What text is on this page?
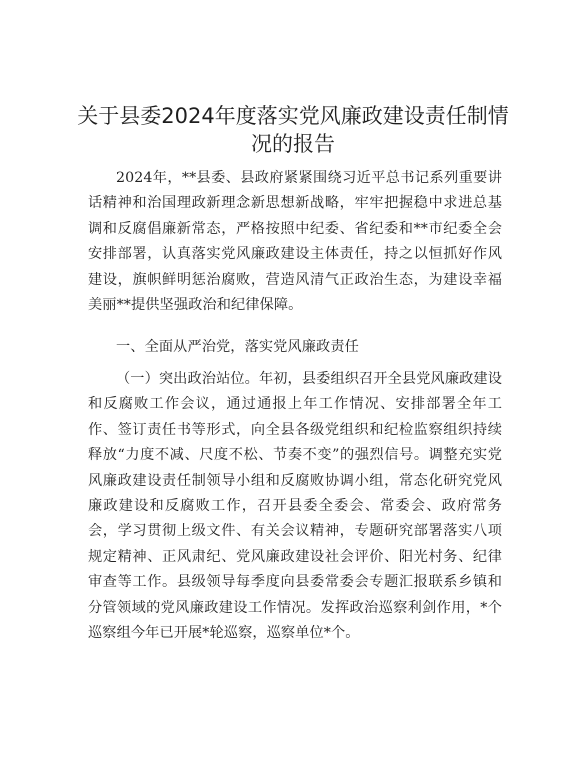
关于县委2024年度落实党风廉政建设责任制情况的报告

2024年，**县委、县政府紧紧围绕习近平总书记系列重要讲话精神和治国理政新理念新思想新战略，牢牢把握稳中求进总基调和反腐倡廉新常态，严格按照中纪委、省纪委和**市纪委全会安排部署，认真落实党风廉政建设主体责任，持之以恒抓好作风建设，旗帜鲜明惩治腐败，营造风清气正政治生态，为建设幸福美丽**提供坚强政治和纪律保障。

一、全面从严治党，落实党风廉政责任

（一）突出政治站位。年初，县委组织召开全县党风廉政建设和反腐败工作会议，通过通报上年工作情况、安排部署全年工作、签订责任书等形式，向全县各级党组织和纪检监察组织持续释放“力度不减、尺度不松、节奏不变”的强烈信号。调整充实党风廉政建设责任制领导小组和反腐败协调小组，常态化研究党风廉政建设和反腐败工作，召开县委全委会、常委会、政府常务会，学习贯彻上级文件、有关会议精神，专题研究部署落实八项规定精神、正风肃纪、党风廉政建设社会评价、阳光村务、纪律审查等工作。县级领导每季度向县委常委会专题汇报联系乡镇和分管领域的党风廉政建设工作情况。发挥政治巡察利剑作用，*个巡察组今年已开展*轮巡察，巡察单位*个。
